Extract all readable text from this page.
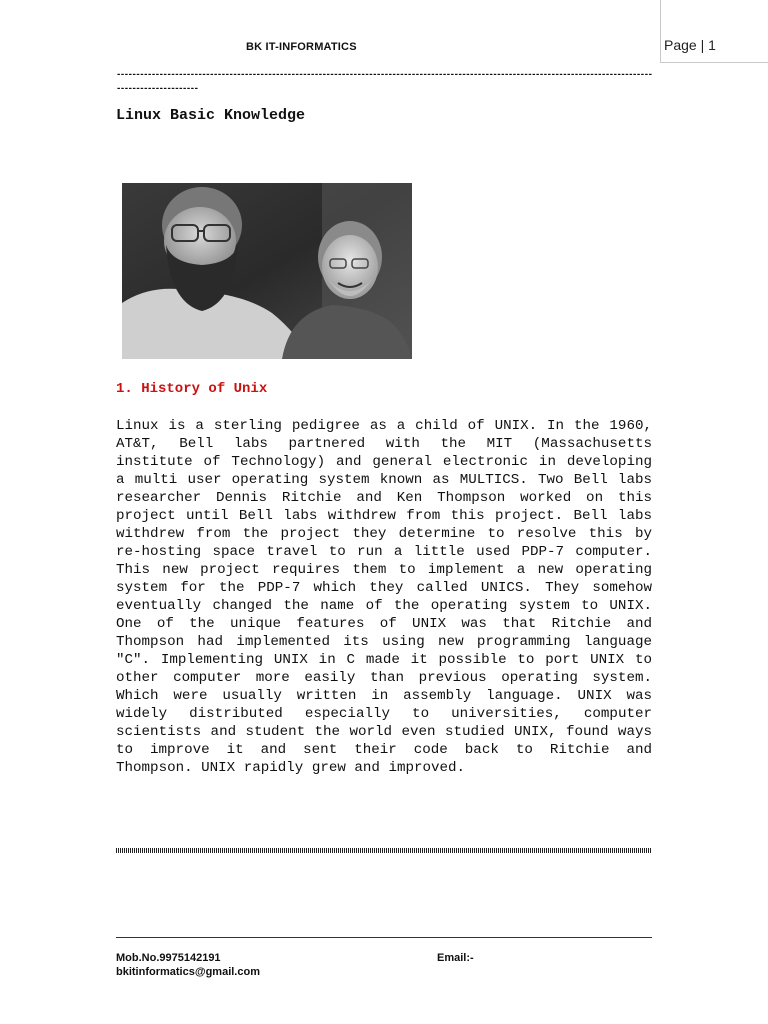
BK IT-INFORMATICS	Page | 1
---------------------------------------------------------------------------------------------------------------------------------------------------------------
Linux Basic Knowledge
1. History of Unix
Linux is a sterling pedigree as a child of UNIX. In the 1960, AT&T, Bell labs partnered with the MIT (Massachusetts institute of Technology) and general electronic in developing a multi user operating system known as MULTICS. Two Bell labs researcher Dennis Ritchie and Ken Thompson worked on this project until Bell labs withdrew from this project. Bell labs withdrew from the project they determine to resolve this by re-hosting space travel to run a little used PDP-7 computer. This new project requires them to implement a new operating system for the PDP-7 which they called UNICS. They somehow eventually changed the name of the operating system to UNIX. One of the unique features of UNIX was that Ritchie and Thompson had implemented its using new programming language "C". Implementing UNIX in C made it possible to port UNIX to other computer more easily than previous operating system. Which were usually written in assembly language. UNIX was widely distributed especially to universities, computer scientists and student the world even studied UNIX, found ways to improve it and sent their code back to Ritchie and Thompson. UNIX rapidly grew and improved.
Mob.No.9975142191	Email:-
bkitinformatics@gmail.com
